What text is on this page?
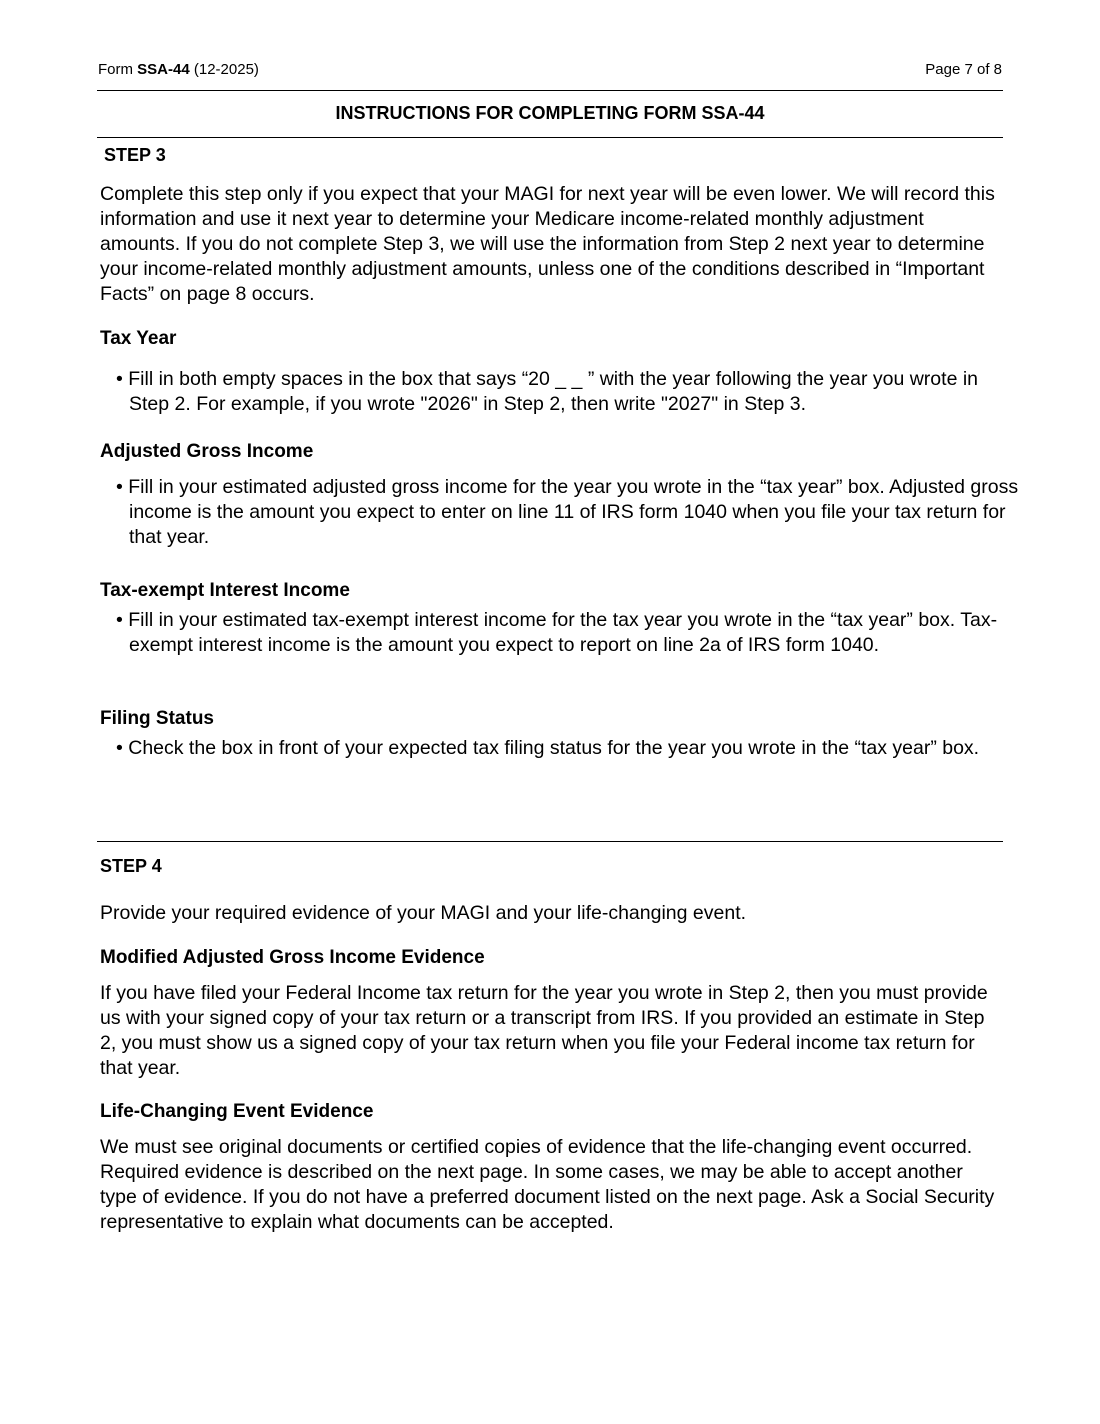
Form SSA-44 (12-2025)	Page 7 of 8
INSTRUCTIONS FOR COMPLETING FORM SSA-44
STEP 3
Complete this step only if you expect that your MAGI for next year will be even lower. We will record this information and use it next year to determine your Medicare income-related monthly adjustment amounts. If you do not complete Step 3, we will use the information from Step 2 next year to determine your income-related monthly adjustment amounts, unless one of the conditions described in “Important Facts” on page 8 occurs.
Tax Year
• Fill in both empty spaces in the box that says “20 _ _ ” with the year following the year you wrote in Step 2. For example, if you wrote "2026" in Step 2, then write "2027" in Step 3.
Adjusted Gross Income
• Fill in your estimated adjusted gross income for the year you wrote in the “tax year” box. Adjusted gross income is the amount you expect to enter on line 11 of IRS form 1040 when you file your tax return for that year.
Tax-exempt Interest Income
• Fill in your estimated tax-exempt interest income for the tax year you wrote in the “tax year” box. Tax-exempt interest income is the amount you expect to report on line 2a of IRS form 1040.
Filing Status
• Check the box in front of your expected tax filing status for the year you wrote in the “tax year” box.
STEP 4
Provide your required evidence of your MAGI and your life-changing event.
Modified Adjusted Gross Income Evidence
If you have filed your Federal Income tax return for the year you wrote in Step 2, then you must provide us with your signed copy of your tax return or a transcript from IRS. If you provided an estimate in Step 2, you must show us a signed copy of your tax return when you file your Federal income tax return for that year.
Life-Changing Event Evidence
We must see original documents or certified copies of evidence that the life-changing event occurred. Required evidence is described on the next page. In some cases, we may be able to accept another type of evidence. If you do not have a preferred document listed on the next page. Ask a Social Security representative to explain what documents can be accepted.
